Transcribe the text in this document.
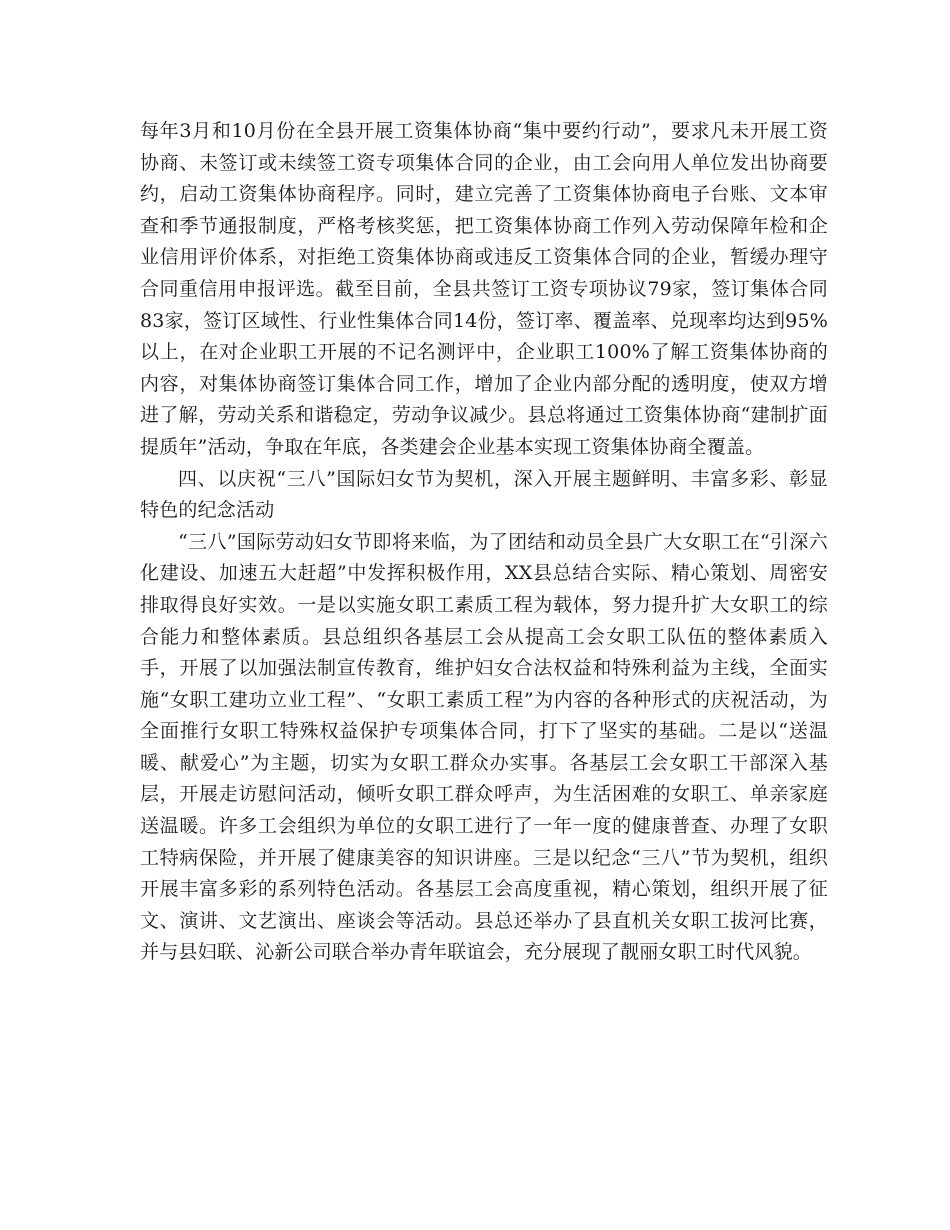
每年3月和10月份在全县开展工资集体协商“集中要约行动”，要求凡未开展工资协商、未签订或未续签工资专项集体合同的企业，由工会向用人单位发出协商要约，启动工资集体协商程序。同时，建立完善了工资集体协商电子台账、文本审查和季节通报制度，严格考核奖惩，把工资集体协商工作列入劳动保障年检和企业信用评价体系，对拒绝工资集体协商或违反工资集体合同的企业，暂缓办理守合同重信用申报评选。截至目前，全县共签订工资专项协议79家，签订集体合同83家，签订区域性、行业性集体合同14份，签订率、覆盖率、兑现率均达到95%以上，在对企业职工开展的不记名测评中，企业职工100%了解工资集体协商的内容，对集体协商签订集体合同工作，增加了企业内部分配的透明度，使双方增进了解，劳动关系和谐稳定，劳动争议减少。县总将通过工资集体协商“建制扩面提质年”活动，争取在年底，各类建会企业基本实现工资集体协商全覆盖。

四、以庆祝“三八”国际妇女节为契机，深入开展主题鲜明、丰富多彩、彰显特色的纪念活动

“三八”国际劳动妇女节即将来临，为了团结和动员全县广大女职工在“引深六化建设、加速五大赶超”中发挥积极作用，XX县总结合实际、精心策划、周密安排取得良好实效。一是以实施女职工素质工程为载体，努力提升扩大女职工的综合能力和整体素质。县总组织各基层工会从提高工会女职工队伍的整体素质入手，开展了以加强法制宣传教育，维护妇女合法权益和特殊利益为主线，全面实施“女职工建功立业工程”、“女职工素质工程”为内容的各种形式的庆祝活动，为全面推行女职工特殊权益保护专项集体合同，打下了坚实的基础。二是以“送温暖、献爱心”为主题，切实为女职工群众办实事。各基层工会女职工干部深入基层，开展走访慰问活动，倾听女职工群众呼声，为生活困难的女职工、单亲家庭送温暖。许多工会组织为单位的女职工进行了一年一度的健康普查、办理了女职工特病保险，并开展了健康美容的知识讲座。三是以纪念“三八”节为契机，组织开展丰富多彩的系列特色活动。各基层工会高度重视，精心策划，组织开展了征文、演讲、文艺演出、座谈会等活动。县总还举办了县直机关女职工拔河比赛，并与县妇联、沁新公司联合举办青年联谊会，充分展现了靓丽女职工时代风貌。
